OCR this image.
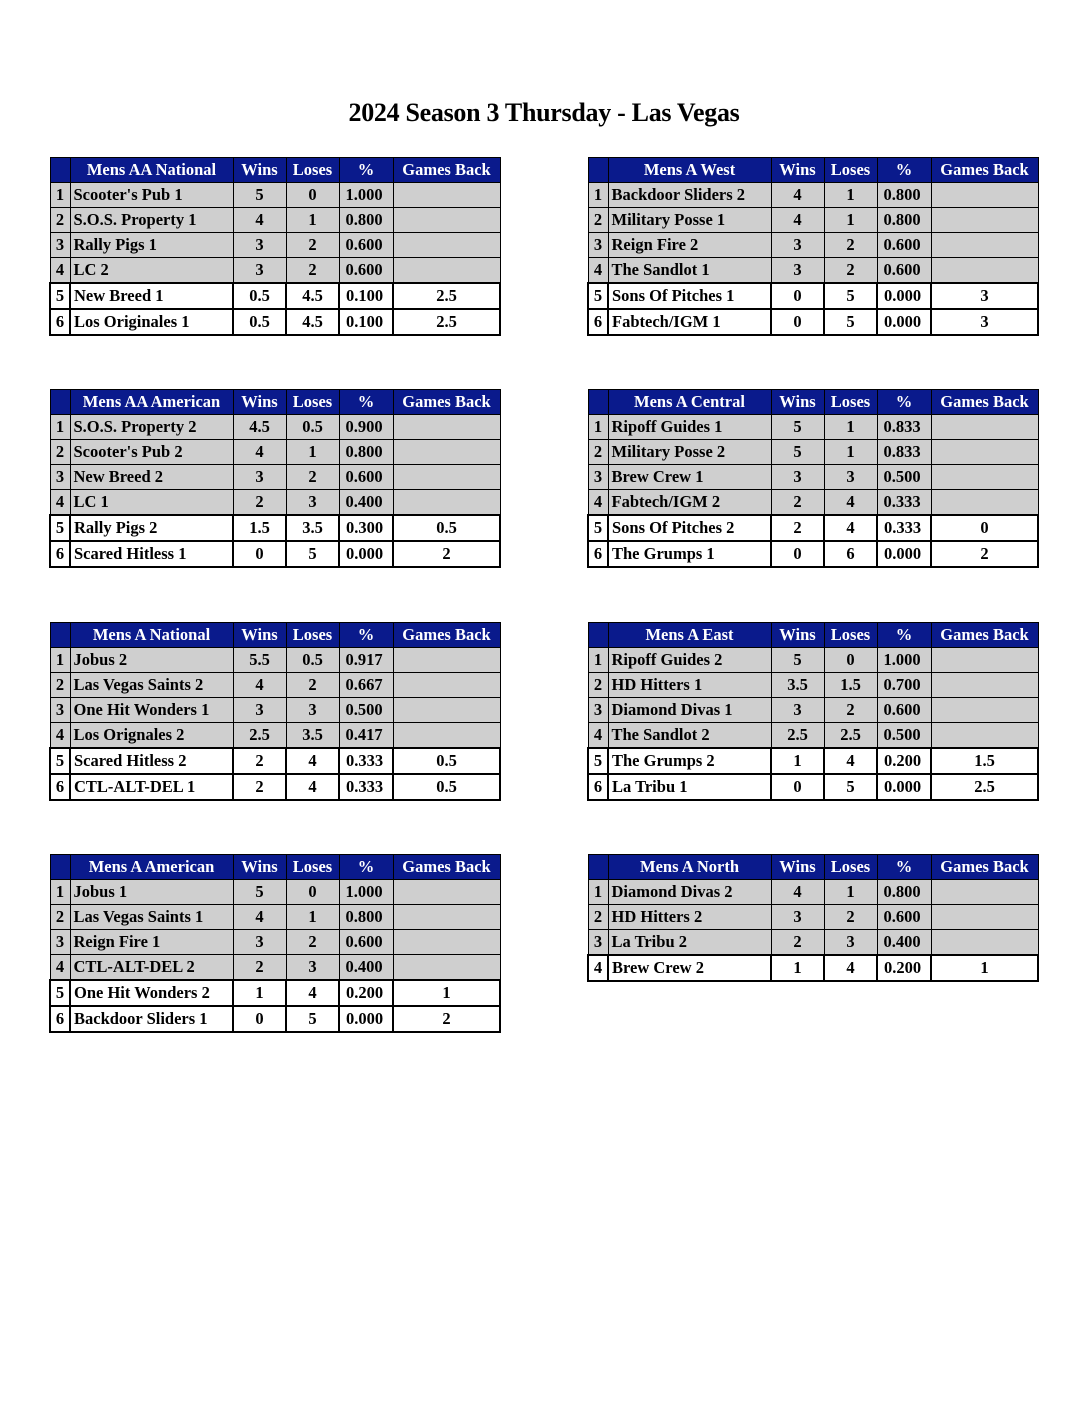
2024 Season 3 Thursday - Las Vegas
	Mens AA National	Wins	Loses	%	Games Back
1	Scooter's Pub 1	5	0	1.000	
2	S.O.S. Property 1	4	1	0.800	
3	Rally Pigs 1	3	2	0.600	
4	LC 2	3	2	0.600	
5	New Breed 1	0.5	4.5	0.100	2.5
6	Los Originales 1	0.5	4.5	0.100	2.5
	Mens A West	Wins	Loses	%	Games Back
1	Backdoor Sliders 2	4	1	0.800	
2	Military Posse 1	4	1	0.800	
3	Reign Fire 2	3	2	0.600	
4	The Sandlot 1	3	2	0.600	
5	Sons Of Pitches 1	0	5	0.000	3
6	Fabtech/IGM 1	0	5	0.000	3
	Mens AA American	Wins	Loses	%	Games Back
1	S.O.S. Property 2	4.5	0.5	0.900	
2	Scooter's Pub 2	4	1	0.800	
3	New Breed 2	3	2	0.600	
4	LC 1	2	3	0.400	
5	Rally Pigs 2	1.5	3.5	0.300	0.5
6	Scared Hitless 1	0	5	0.000	2
	Mens A Central	Wins	Loses	%	Games Back
1	Ripoff Guides 1	5	1	0.833	
2	Military Posse 2	5	1	0.833	
3	Brew Crew 1	3	3	0.500	
4	Fabtech/IGM 2	2	4	0.333	
5	Sons Of Pitches 2	2	4	0.333	0
6	The Grumps 1	0	6	0.000	2
	Mens A National	Wins	Loses	%	Games Back
1	Jobus 2	5.5	0.5	0.917	
2	Las Vegas Saints 2	4	2	0.667	
3	One Hit Wonders 1	3	3	0.500	
4	Los Orignales 2	2.5	3.5	0.417	
5	Scared Hitless 2	2	4	0.333	0.5
6	CTL-ALT-DEL 1	2	4	0.333	0.5
	Mens A East	Wins	Loses	%	Games Back
1	Ripoff Guides 2	5	0	1.000	
2	HD Hitters 1	3.5	1.5	0.700	
3	Diamond Divas 1	3	2	0.600	
4	The Sandlot 2	2.5	2.5	0.500	
5	The Grumps 2	1	4	0.200	1.5
6	La Tribu 1	0	5	0.000	2.5
	Mens A American	Wins	Loses	%	Games Back
1	Jobus 1	5	0	1.000	
2	Las Vegas Saints 1	4	1	0.800	
3	Reign Fire 1	3	2	0.600	
4	CTL-ALT-DEL 2	2	3	0.400	
5	One Hit Wonders 2	1	4	0.200	1
6	Backdoor Sliders 1	0	5	0.000	2
	Mens A North	Wins	Loses	%	Games Back
1	Diamond Divas 2	4	1	0.800	
2	HD Hitters 2	3	2	0.600	
3	La Tribu 2	2	3	0.400	
4	Brew Crew 2	1	4	0.200	1
